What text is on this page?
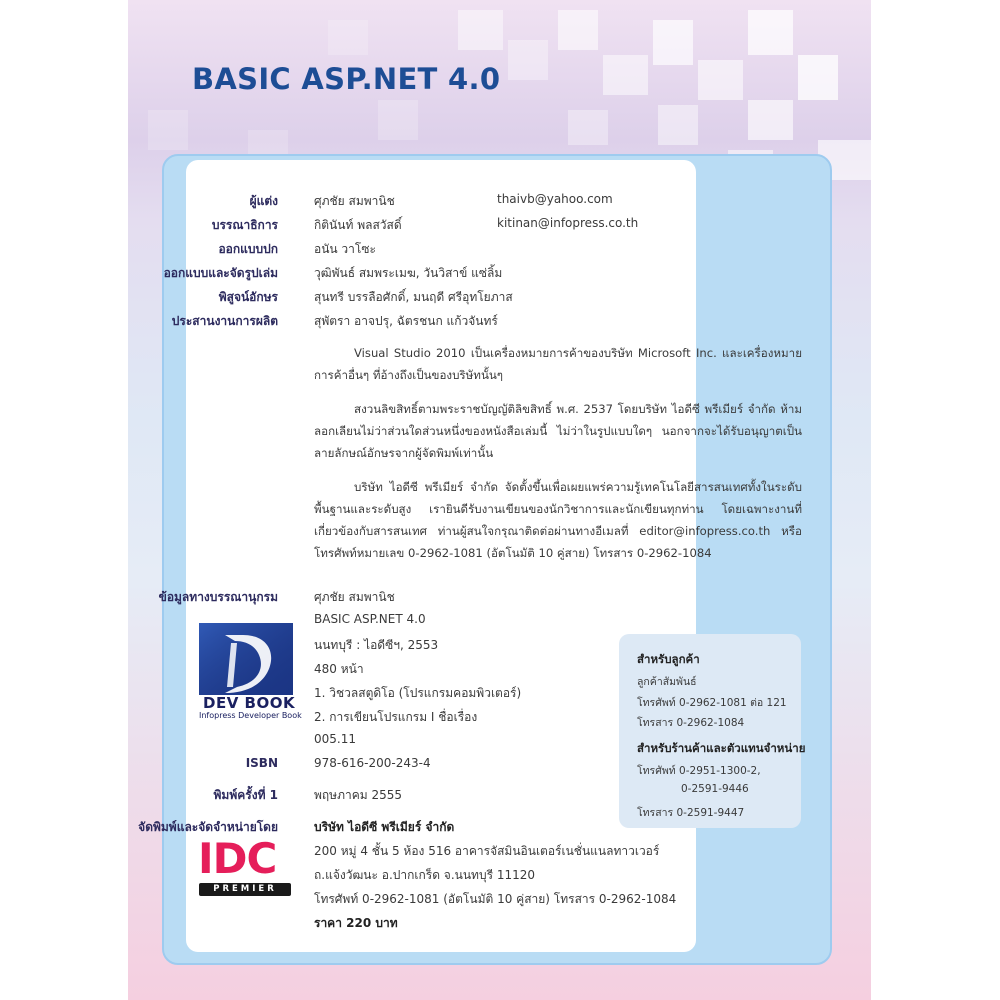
BASIC ASP.NET 4.0
ผู้แต่ง	ศุภชัย สมพานิช	thaivb@yahoo.com
บรรณาธิการ	กิตินันท์ พลสวัสดิ์	kitinan@infopress.co.th
ออกแบบปก	อนัน วาโซะ
ออกแบบและจัดรูปเล่ม	วุฒิพันธ์ สมพระเมฆ, วันวิสาข์ แซ่ลิ้ม
พิสูจน์อักษร	สุนทรี บรรลือศักดิ์, มนฤดี ศรีอุทโยภาส
ประสานงานการผลิต	สุพัตรา อาจปรุ, ฉัตรชนก แก้วจันทร์

Visual Studio 2010 เป็นเครื่องหมายการค้าของบริษัท Microsoft Inc. และเครื่องหมายการค้าอื่นๆ ที่อ้างถึงเป็นของบริษัทนั้นๆ

สงวนลิขสิทธิ์ตามพระราชบัญญัติลิขสิทธิ์ พ.ศ. 2537 โดยบริษัท ไอดีซี พรีเมียร์ จำกัด ห้ามลอกเลียนไม่ว่าส่วนใดส่วนหนึ่งของหนังสือเล่มนี้ ไม่ว่าในรูปแบบใดๆ นอกจากจะได้รับอนุญาตเป็นลายลักษณ์อักษรจากผู้จัดพิมพ์เท่านั้น

บริษัท ไอดีซี พรีเมียร์ จำกัด จัดตั้งขึ้นเพื่อเผยแพร่ความรู้เทคโนโลยีสารสนเทศทั้งในระดับพื้นฐานและระดับสูง เรายินดีรับงานเขียนของนักวิชาการและนักเขียนทุกท่าน โดยเฉพาะงานที่เกี่ยวข้องกับสารสนเทศ ท่านผู้สนใจกรุณาติดต่อผ่านทางอีเมลที่ editor@infopress.co.th หรือโทรศัพท์หมายเลข 0-2962-1081 (อัตโนมัติ 10 คู่สาย) โทรสาร 0-2962-1084

ข้อมูลทางบรรณานุกรม	ศุภชัย สมพานิช
BASIC ASP.NET 4.0
นนทบุรี : ไอดีซีฯ, 2553
480 หน้า
1. วิชวลสตูดิโอ (โปรแกรมคอมพิวเตอร์)
2. การเขียนโปรแกรม I ชื่อเรื่อง
005.11
DEV BOOK
Infopress Developer Book
ISBN	978-616-200-243-4
พิมพ์ครั้งที่ 1	พฤษภาคม 2555
จัดพิมพ์และจัดจำหน่ายโดย	บริษัท ไอดีซี พรีเมียร์ จำกัด
200 หมู่ 4 ชั้น 5 ห้อง 516 อาคารจัสมินอินเตอร์เนชั่นแนลทาวเวอร์
ถ.แจ้งวัฒนะ อ.ปากเกร็ด จ.นนทบุรี 11120
โทรศัพท์ 0-2962-1081 (อัตโนมัติ 10 คู่สาย) โทรสาร 0-2962-1084
ราคา 220 บาท
IDC
PREMIER
สำหรับลูกค้า
ลูกค้าสัมพันธ์
โทรศัพท์ 0-2962-1081 ต่อ 121
โทรสาร 0-2962-1084
สำหรับร้านค้าและตัวแทนจำหน่าย
โทรศัพท์ 0-2951-1300-2,
0-2591-9446
โทรสาร 0-2591-9447
